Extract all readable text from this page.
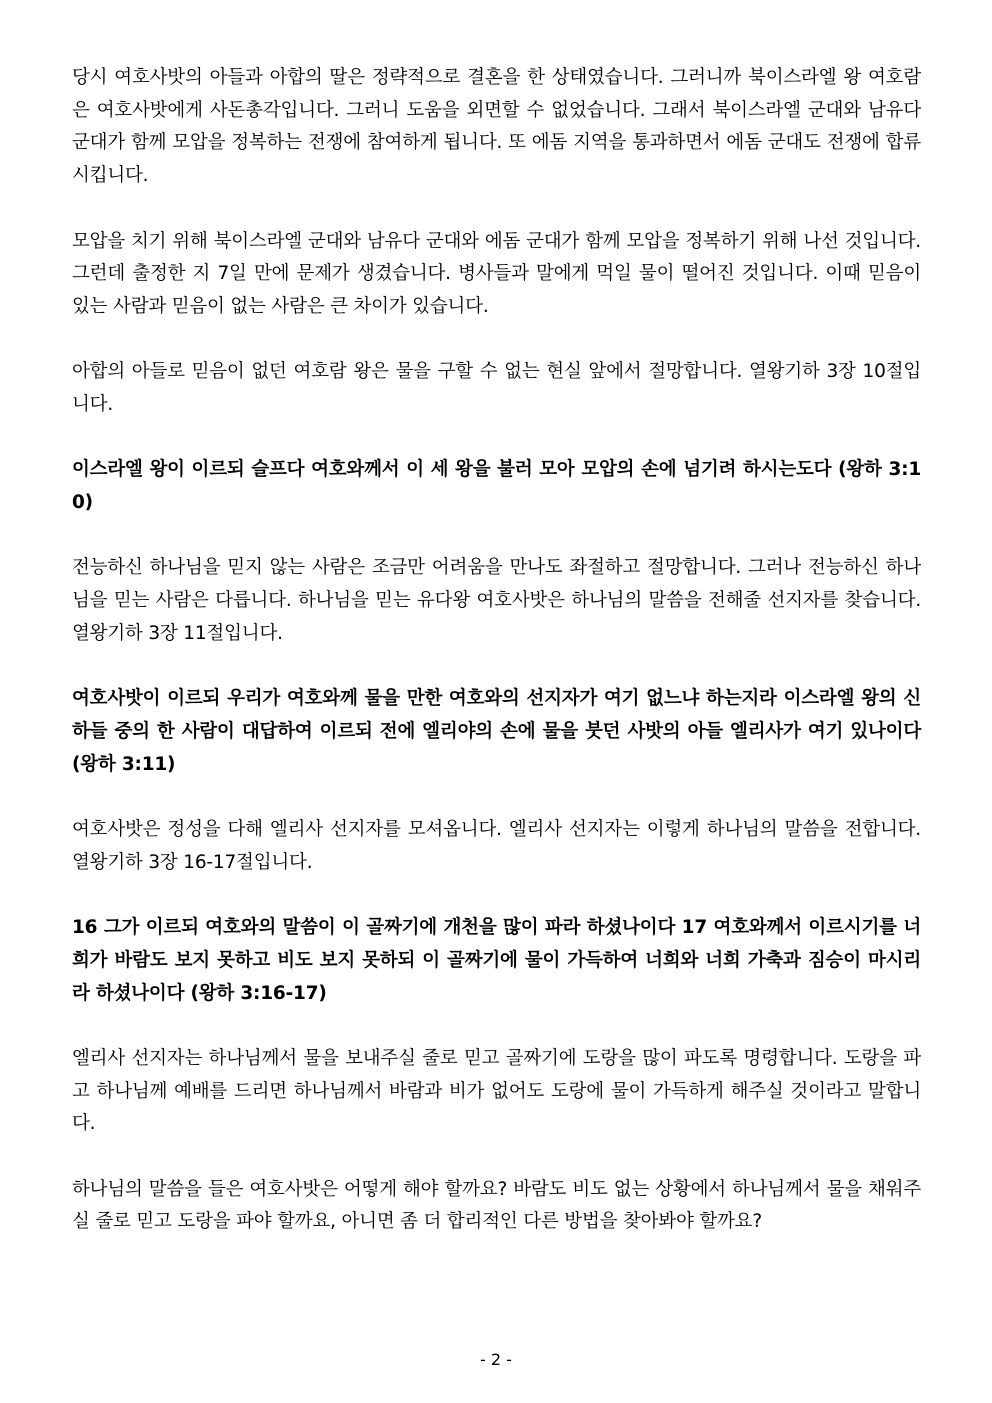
당시 여호사밧의 아들과 아합의 딸은 정략적으로 결혼을 한 상태였습니다. 그러니까 북이스라엘 왕 여호람은 여호사밧에게 사돈총각입니다. 그러니 도움을 외면할 수 없었습니다. 그래서 북이스라엘 군대와 남유다 군대가 함께 모압을 정복하는 전쟁에 참여하게 됩니다. 또 에돔 지역을 통과하면서 에돔 군대도 전쟁에 합류시킵니다.

모압을 치기 위해 북이스라엘 군대와 남유다 군대와 에돔 군대가 함께 모압을 정복하기 위해 나선 것입니다. 그런데 출정한 지 7일 만에 문제가 생겼습니다. 병사들과 말에게 먹일 물이 떨어진 것입니다. 이때 믿음이 있는 사람과 믿음이 없는 사람은 큰 차이가 있습니다.

아합의 아들로 믿음이 없던 여호람 왕은 물을 구할 수 없는 현실 앞에서 절망합니다. 열왕기하 3장 10절입니다.

이스라엘 왕이 이르되 슬프다 여호와께서 이 세 왕을 불러 모아 모압의 손에 넘기려 하시는도다 (왕하 3:10)

전능하신 하나님을 믿지 않는 사람은 조금만 어려움을 만나도 좌절하고 절망합니다. 그러나 전능하신 하나님을 믿는 사람은 다릅니다. 하나님을 믿는 유다왕 여호사밧은 하나님의 말씀을 전해줄 선지자를 찾습니다. 열왕기하 3장 11절입니다.

여호사밧이 이르되 우리가 여호와께 물을 만한 여호와의 선지자가 여기 없느냐 하는지라 이스라엘 왕의 신하들 중의 한 사람이 대답하여 이르되 전에 엘리야의 손에 물을 붓던 사밧의 아들 엘리사가 여기 있나이다 (왕하 3:11)

여호사밧은 정성을 다해 엘리사 선지자를 모셔옵니다. 엘리사 선지자는 이렇게 하나님의 말씀을 전합니다. 열왕기하 3장 16-17절입니다.

16 그가 이르되 여호와의 말씀이 이 골짜기에 개천을 많이 파라 하셨나이다 17 여호와께서 이르시기를 너희가 바람도 보지 못하고 비도 보지 못하되 이 골짜기에 물이 가득하여 너희와 너희 가축과 짐승이 마시리라 하셨나이다 (왕하 3:16-17)

엘리사 선지자는 하나님께서 물을 보내주실 줄로 믿고 골짜기에 도랑을 많이 파도록 명령합니다. 도랑을 파고 하나님께 예배를 드리면 하나님께서 바람과 비가 없어도 도랑에 물이 가득하게 해주실 것이라고 말합니다.

하나님의 말씀을 들은 여호사밧은 어떻게 해야 할까요? 바람도 비도 없는 상황에서 하나님께서 물을 채워주실 줄로 믿고 도랑을 파야 할까요, 아니면 좀 더 합리적인 다른 방법을 찾아봐야 할까요?

- 2 -
